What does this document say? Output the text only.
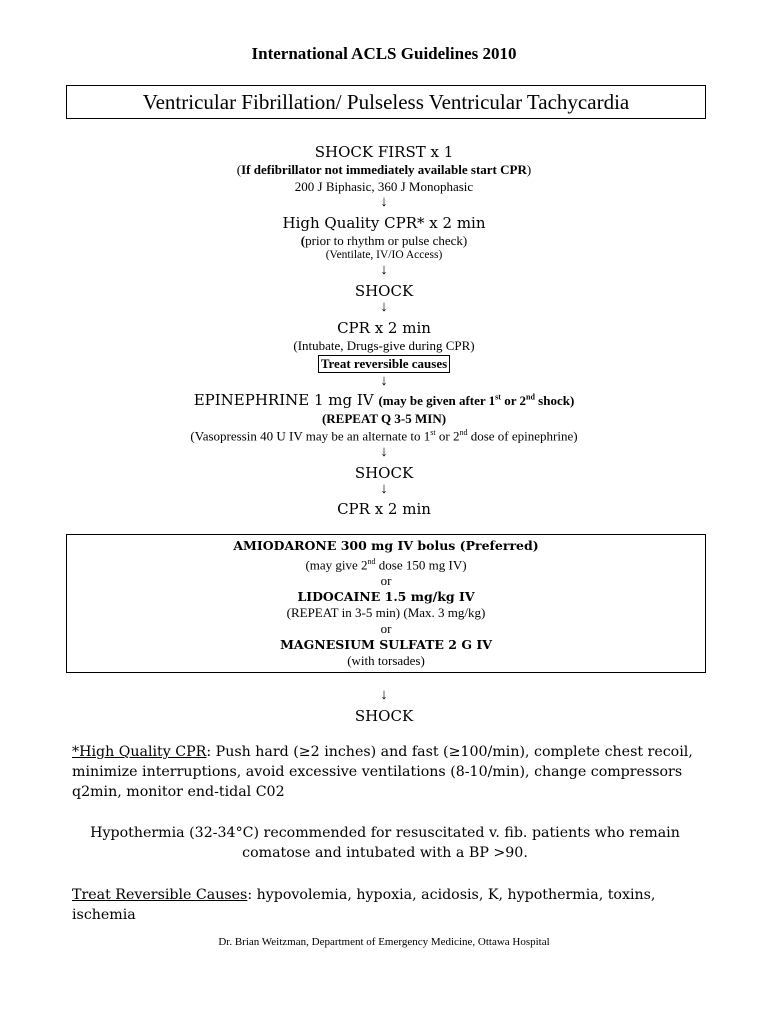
International ACLS Guidelines 2010
Ventricular Fibrillation/ Pulseless Ventricular Tachycardia
SHOCK FIRST x 1
(If defibrillator not immediately available start CPR)
200 J Biphasic, 360 J Monophasic
↓
High Quality CPR* x 2 min
(prior to rhythm or pulse check)
(Ventilate, IV/IO Access)
↓
SHOCK
↓
CPR x 2 min
(Intubate, Drugs-give during CPR)
Treat reversible causes
↓
EPINEPHRINE 1 mg IV (may be given after 1st or 2nd shock)
(REPEAT Q 3-5 MIN)
(Vasopressin 40 U IV may be an alternate to 1st or 2nd dose of epinephrine)
↓
SHOCK
↓
CPR x 2 min
AMIODARONE 300 mg IV bolus (Preferred)
(may give 2nd dose 150 mg IV)
or
LIDOCAINE 1.5 mg/kg IV
(REPEAT in 3-5 min) (Max. 3 mg/kg)
or
MAGNESIUM SULFATE 2 G IV
(with torsades)
↓
SHOCK
*High Quality CPR: Push hard (≥2 inches) and fast (≥100/min), complete chest recoil, minimize interruptions, avoid excessive ventilations (8-10/min), change compressors q2min, monitor end-tidal C02
Hypothermia (32-34°C) recommended for resuscitated v. fib. patients who remain comatose and intubated with a BP >90.
Treat Reversible Causes: hypovolemia, hypoxia, acidosis, K, hypothermia, toxins, ischemia
Dr. Brian Weitzman, Department of Emergency Medicine, Ottawa Hospital
